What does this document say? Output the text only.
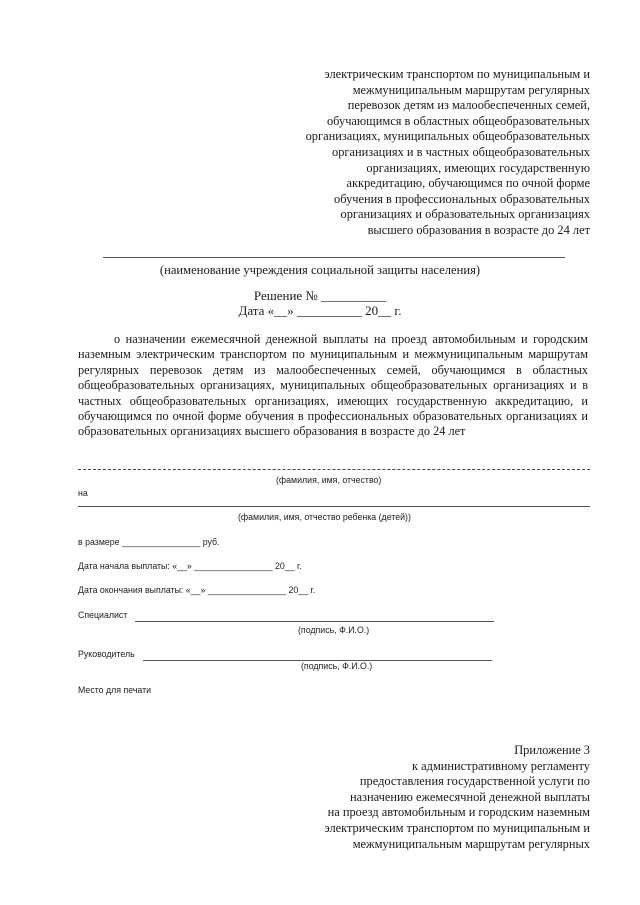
электрическим транспортом по муниципальным и
межмуниципальным маршрутам регулярных
перевозок детям из малообеспеченных семей,
обучающимся в областных общеобразовательных
организациях, муниципальных общеобразовательных
организациях и в частных общеобразовательных
организациях, имеющих государственную
аккредитацию, обучающимся по очной форме
обучения в профессиональных образовательных
организациях и образовательных организациях
высшего образования в возрасте до 24 лет
(наименование учреждения социальной защиты населения)
Решение № __________
Дата «__» __________ 20__ г.
о назначении ежемесячной денежной выплаты на проезд автомобильным и городским наземным электрическим транспортом по муниципальным и межмуниципальным маршрутам регулярных перевозок детям из малообеспеченных семей, обучающимся в областных общеобразовательных организациях, муниципальных общеобразовательных организациях и в частных общеобразовательных организациях, имеющих государственную аккредитацию, и обучающимся по очной форме обучения в профессиональных образовательных организациях и образовательных организациях высшего образования в возрасте до 24 лет
(фамилия, имя, отчество)
на
(фамилия, имя, отчество ребенка (детей))
в размере ________________ руб.
Дата начала выплаты: «__» ________________ 20__ г.
Дата окончания выплаты: «__» ________________ 20__ г.
Специалист
(подпись, Ф.И.О.)
Руководитель
(подпись, Ф.И.О.)
Место для печати
Приложение 3
к административному регламенту
предоставления государственной услуги по
назначению ежемесячной денежной выплаты
на проезд автомобильным и городским наземным
электрическим транспортом по муниципальным и
межмуниципальным маршрутам регулярных
